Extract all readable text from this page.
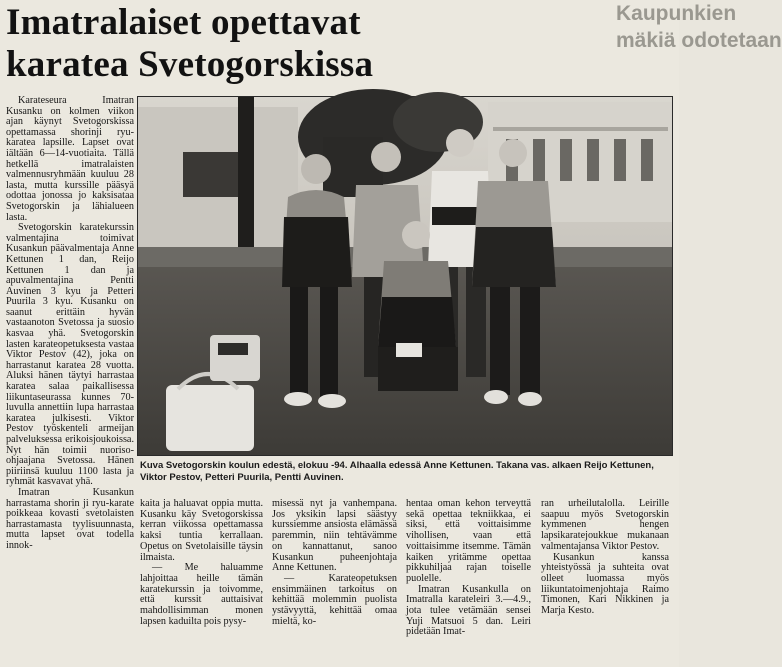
Imatralaiset opettavat
karatea Svetogorskissa
Kaupunkien
mäkiä odotetaan

Karateseura Imatran Kusanku on kolmen viikon ajan käynyt Svetogorskissa opettamassa shorinji ryu-karatea lapsille. Lapset ovat iältään 6—14-vuotiaita. Tällä hetkellä imatralaisten valmennusryhmään kuuluu 28 lasta, mutta kurssille pääsyä odottaa jonossa jo kaksisataa Svetogorskin ja lähialueen lasta.

Svetogorskin karatekurssin valmentajina toimivat Kusankun päävalmentaja Anne Kettunen 1 dan, Reijo Kettunen 1 dan ja apuvalmentajina Pentti Auvinen 3 kyu ja Petteri Puurila 3 kyu. Kusanku on saanut erittäin hyvän vastaanoton Svetossa ja suosio kasvaa yhä. Svetogorskin lasten karateopetuksesta vastaa Viktor Pestov (42), joka on harrastanut karatea 28 vuotta. Aluksi hänen täytyi harrastaa karatea salaa paikallisessa liikuntaseurassa kunnes 70-luvulla annettiin lupa harrastaa karatea julkisesti. Viktor Pestov työskenteli armeijan palveluksessa erikoisjoukoissa. Nyt hän toimii nuoriso-ohjaajana Svetossa. Hänen piiriinsä kuuluu 1100 lasta ja ryhmät kasvavat yhä.

Imatran Kusankun harrastama shorin ji ryu-karate poikkeaa kovasti svetolaisten harrastamasta tyylisuunnasta, mutta lapset ovat todella innok-

Kuva Svetogorskin koulun edestä, elokuu -94. Alhaalla edessä Anne Kettunen. Takana vas. alkaen Reijo Kettunen, Viktor Pestov, Petteri Puurila, Pentti Auvinen.

kaita ja haluavat oppia mutta. Kusanku käy Svetogorskissa kerran viikossa opettamassa kaksi tuntia kerrallaan. Opetus on Svetolaisille täysin ilmaista.

— Me haluamme lahjoittaa heille tämän karatekurssin ja toivomme, että kurssit auttaisivat mahdollisimman monen lapsen kaduilta pois pysy-

misessä nyt ja vanhempana. Jos yksikin lapsi säästyy kurssiemme ansiosta elämässä paremmin, niin tehtävämme on kannattanut, sanoo Kusankun puheenjohtaja Anne Kettunen.

— Karateopetuksen ensimmäinen tarkoitus on kehittää molemmin puolista ystävyyttä, kehittää omaa mieltä, ko-

hentaa oman kehon terveyttä sekä opettaa tekniikkaa, ei siksi, että voittaisimme vihollisen, vaan että voittaisimme itsemme. Tämän kaiken yritämme opettaa pikkuhiljaa rajan toiselle puolelle.

Imatran Kusankulla on Imatralla karateleiri 3.—4.9., jota tulee vetämään sensei Yuji Matsuoi 5 dan. Leiri pidetään Imat-

ran urheilutalolla. Leirille saapuu myös Svetogorskin kymmenen hengen lapsikaratejoukkue mukanaan valmentajansa Viktor Pestov.

Kusankun kanssa yhteistyössä ja suhteita ovat olleet luomassa myös liikuntatoimenjohtaja Raimo Timonen, Kari Nikkinen ja Marja Kesto.
